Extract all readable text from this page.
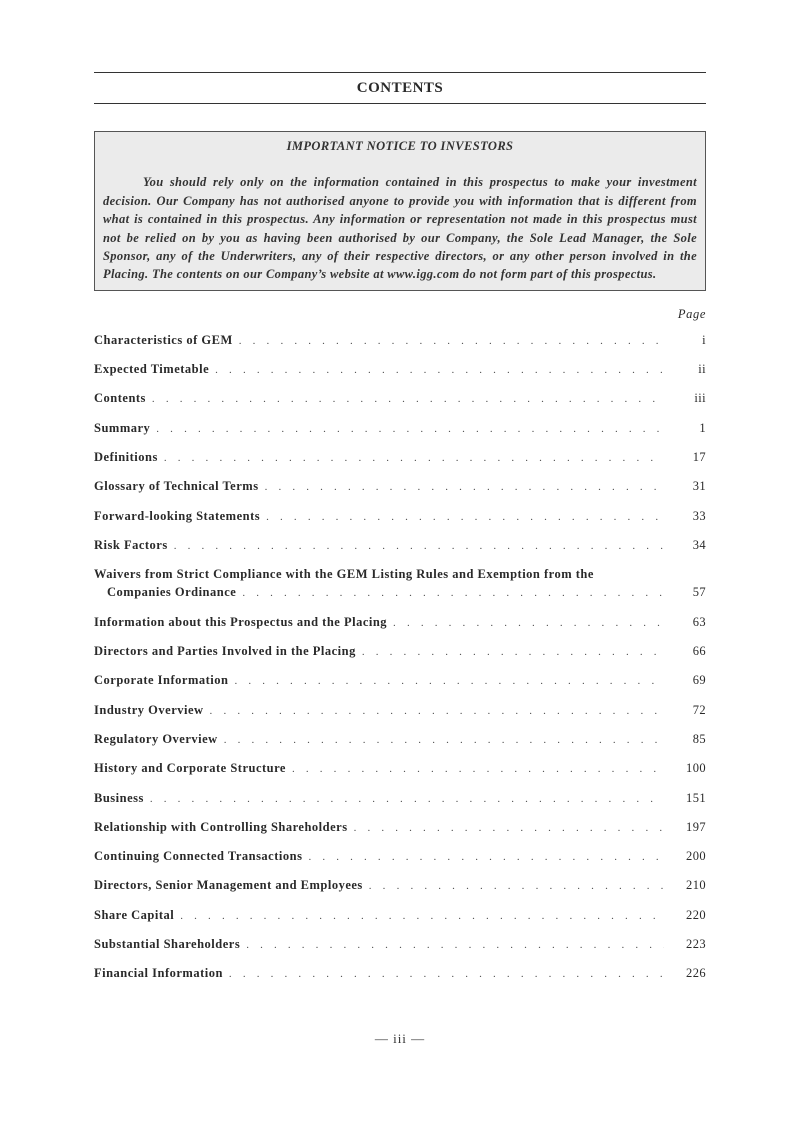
CONTENTS
IMPORTANT NOTICE TO INVESTORS
You should rely only on the information contained in this prospectus to make your investment decision. Our Company has not authorised anyone to provide you with information that is different from what is contained in this prospectus. Any information or representation not made in this prospectus must not be relied on by you as having been authorised by our Company, the Sole Lead Manager, the Sole Sponsor, any of the Underwriters, any of their respective directors, or any other person involved in the Placing. The contents on our Company’s website at www.igg.com do not form part of this prospectus.
Page
Characteristics of GEM . . .	i
Expected Timetable . . .	ii
Contents . . .	iii
Summary . . .	1
Definitions . . .	17
Glossary of Technical Terms . . .	31
Forward-looking Statements . . .	33
Risk Factors . . .	34
Waivers from Strict Compliance with the GEM Listing Rules and Exemption from the
Companies Ordinance . . .	57
Information about this Prospectus and the Placing . . .	63
Directors and Parties Involved in the Placing . . .	66
Corporate Information . . .	69
Industry Overview . . .	72
Regulatory Overview . . .	85
History and Corporate Structure . . .	100
Business . . .	151
Relationship with Controlling Shareholders . . .	197
Continuing Connected Transactions . . .	200
Directors, Senior Management and Employees . . .	210
Share Capital . . .	220
Substantial Shareholders . . .	223
Financial Information . . .	226
— iii —
